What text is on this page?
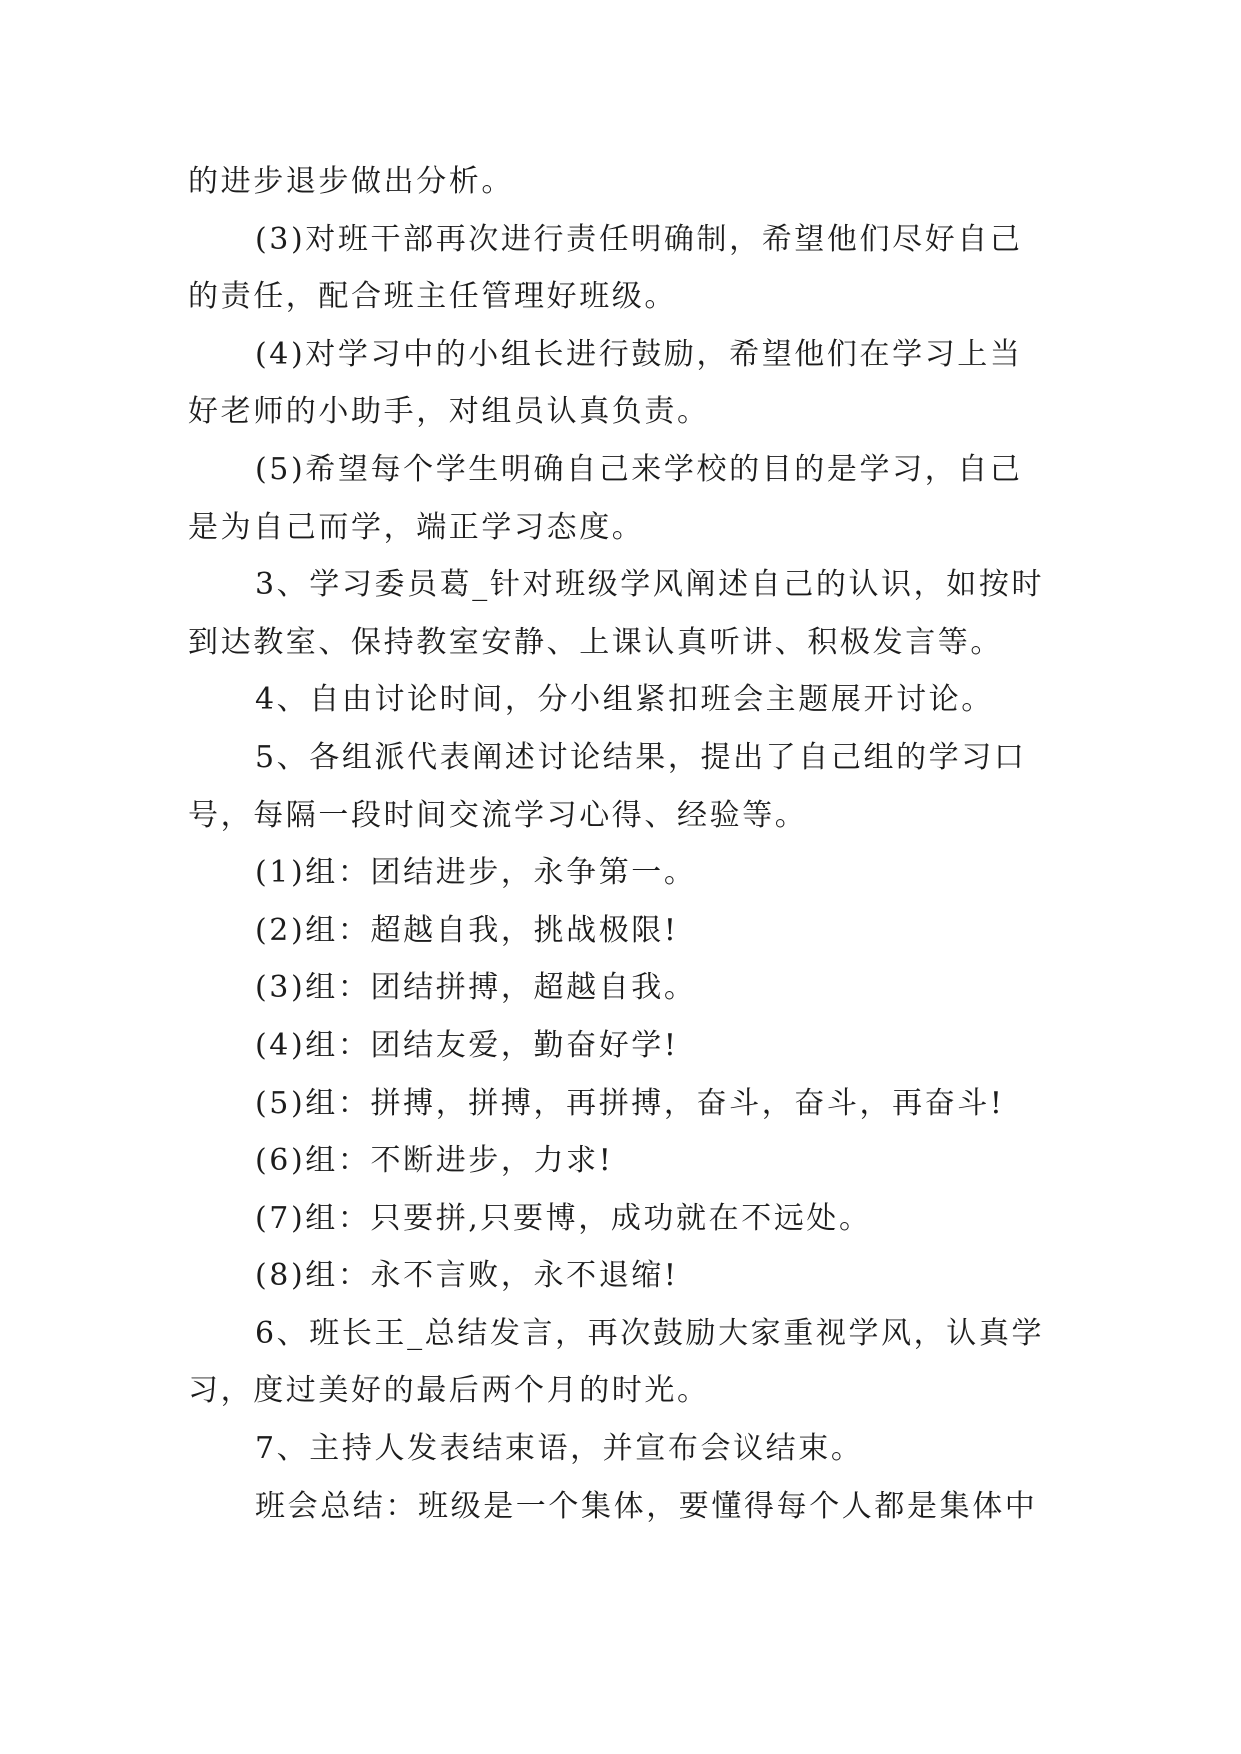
的进步退步做出分析。
(3)对班干部再次进行责任明确制，希望他们尽好自己
的责任，配合班主任管理好班级。
(4)对学习中的小组长进行鼓励，希望他们在学习上当
好老师的小助手，对组员认真负责。
(5)希望每个学生明确自己来学校的目的是学习，自己
是为自己而学，端正学习态度。
3、学习委员葛_针对班级学风阐述自己的认识，如按时
到达教室、保持教室安静、上课认真听讲、积极发言等。
4、自由讨论时间，分小组紧扣班会主题展开讨论。
5、各组派代表阐述讨论结果，提出了自己组的学习口
号，每隔一段时间交流学习心得、经验等。
(1)组：团结进步，永争第一。
(2)组：超越自我，挑战极限!
(3)组：团结拼搏，超越自我。
(4)组：团结友爱，勤奋好学!
(5)组：拼搏，拼搏，再拼搏，奋斗，奋斗，再奋斗!
(6)组：不断进步，力求!
(7)组：只要拼,只要博，成功就在不远处。
(8)组：永不言败，永不退缩!
6、班长王_总结发言，再次鼓励大家重视学风，认真学
习，度过美好的最后两个月的时光。
7、主持人发表结束语，并宣布会议结束。
班会总结：班级是一个集体，要懂得每个人都是集体中
